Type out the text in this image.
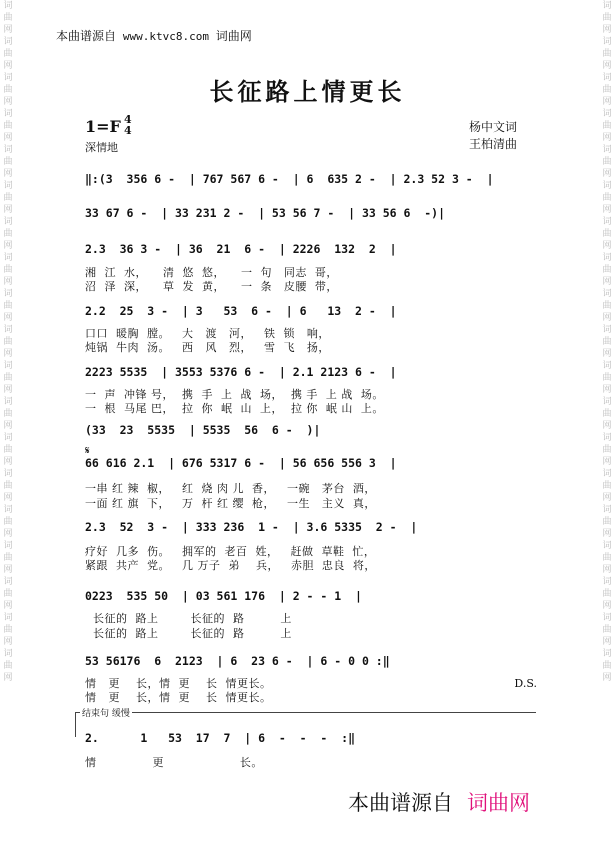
词曲网词曲网词曲网词曲网词曲网词曲网词曲网词曲网词曲网词曲网词曲网词曲网词曲网词曲网词曲网词曲网词曲网词曲网词曲网
词曲网词曲网词曲网词曲网词曲网词曲网词曲网词曲网词曲网词曲网词曲网词曲网词曲网词曲网词曲网词曲网词曲网词曲网词曲网
本曲谱源自 www.ktvc8.com 词曲网
长征路上情更长
1=F 4
4
深情地
杨中文词
王柏清曲
‖:(3  356 6 -  | 767 567 6 -  | 6  635 2 -  | 2.3 52 3 -  |
33 67 6 -  | 33 231 2 -  | 53 56 7 -  | 33 56 6  -)|
2.3  36 3 -  | 36  21  6 -  | 2226  132  2  |
湘  江  水，    清  悠  悠，    一  句   同志  哥，
沼  泽  深，    草  发  黄，    一  条   皮腰  带，
2.2  25  3 -  | 3   53  6 -  | 6   13  2 -  |
口口  暖胸  膛。   大   渡   河，   铁  锁   响，
炖锅  牛肉  汤。   西   风   烈，   雪  飞   扬，
2223 5535  | 3553 5376 6 -  | 2.1 2123 6 -  |
一  声  冲锋 号，  携  手  上  战  场，  携 手  上 战  场。
一  根  马尾 巴，  拉  你  岷  山  上，  拉 你  岷 山  上。
(33  23  5535  | 5535  56  6 -  )|
𝄋
66 616 2.1  | 676 5317 6 -  | 56 656 556 3  |
一串 红 辣  椒，   红  烧 肉 儿  香，   一碗   茅台  酒，
一面 红 旗  下，   万  杆 红 缨  枪，   一生   主义  真，
2.3  52  3 -  | 333 236  1 -  | 3.6 5335  2 -  |
疗好  几多  伤。   拥军的  老百  姓，   赶做  草鞋  忙，
紧跟  共产  党。   几 万子  弟    兵，   赤胆  忠良  将，
0223  535 50  | 03 561 176  | 2 - - 1  |
长征的  路上        长征的  路         上
长征的  路上        长征的  路         上
53 56176  6  2123  | 6  23 6 -  | 6 - 0 0 :‖
情   更    长，情  更    长  情更长。
情   更    长，情  更    长  情更长。
D.S.
结束句 缓慢
2.      1   53  17  7  | 6  -  -  -  :‖
情              更                   长。
本曲谱源自 词曲网
